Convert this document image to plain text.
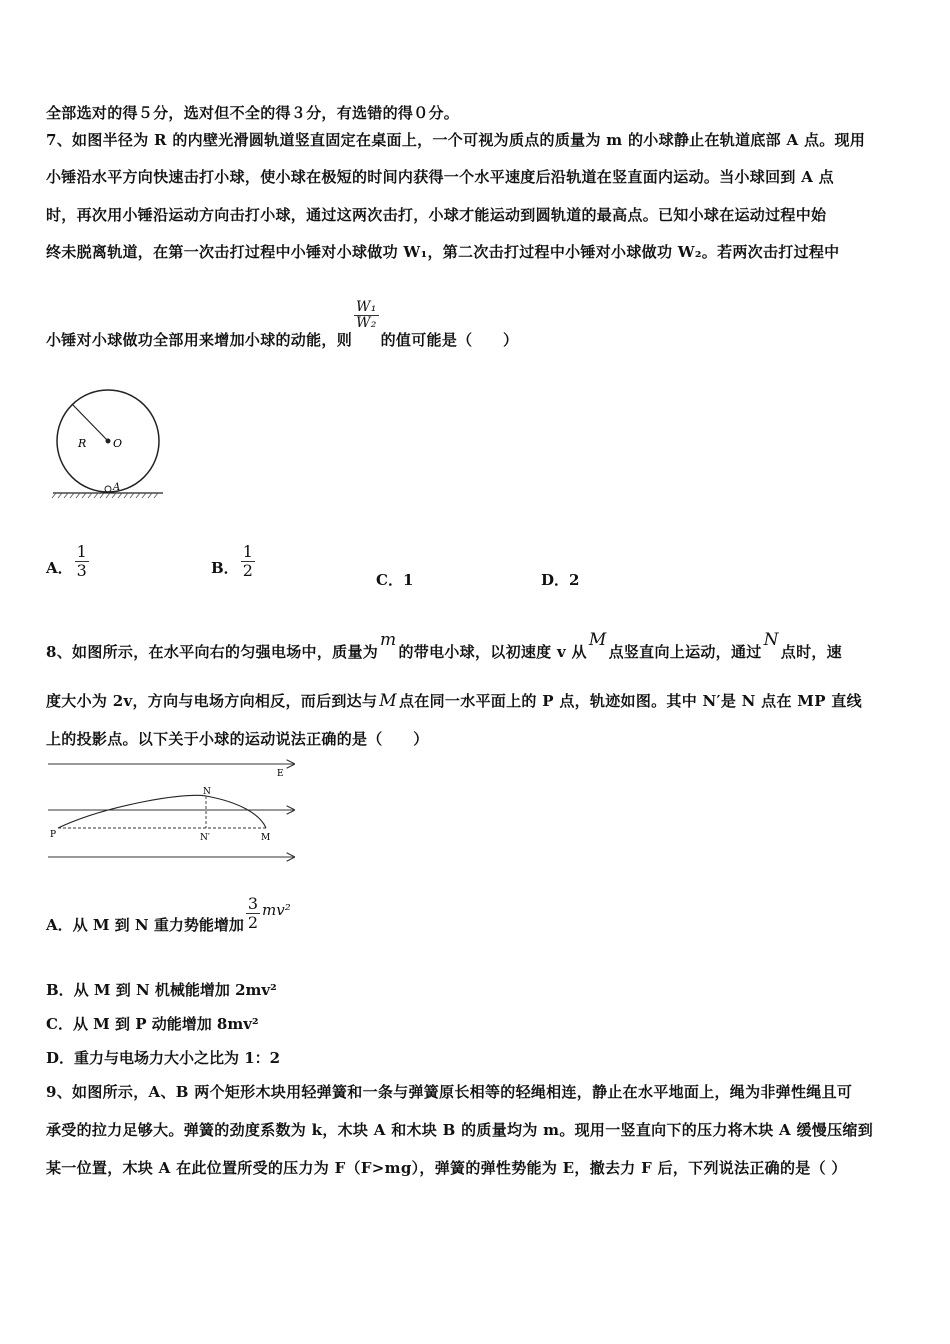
全部选对的得５分，选对但不全的得３分，有选错的得０分。
7、如图半径为 R 的内壁光滑圆轨道竖直固定在桌面上，一个可视为质点的质量为 m 的小球静止在轨道底部 A 点。现用
小锤沿水平方向快速击打小球，使小球在极短的时间内获得一个水平速度后沿轨道在竖直面内运动。当小球回到 A 点
时，再次用小锤沿运动方向击打小球，通过这两次击打，小球才能运动到圆轨道的最高点。已知小球在运动过程中始
终未脱离轨道，在第一次击打过程中小锤对小球做功 W₁，第二次击打过程中小锤对小球做功 W₂。若两次击打过程中
小锤对小球做功全部用来增加小球的动能，则
$\frac{\text{W₁}}{\text{W₂}}$
的值可能是（　　）
R O
A
A． $\frac{1}{3}$	B． $\frac{1}{2}$
C．1	D．2
8、如图所示，在水平向右的匀强电场中，质量为m的带电小球，以初速度 v 从M点竖直向上运动，通过N点时，速
度大小为 2v，方向与电场方向相反，而后到达与 M 点在同一水平面上的 P 点，轨迹如图。其中 N′是 N 点在 MP 直线
上的投影点。以下关于小球的运动说法正确的是（　　）
E
N
P	N′	M
A．从 M 到 N 重力势能增加 $\frac{3}{2} mv^2$
B．从 M 到 N 机械能增加 2mv²
C．从 M 到 P 动能增加 8mv²
D．重力与电场力大小之比为 1：2
9、如图所示，A、B 两个矩形木块用轻弹簧和一条与弹簧原长相等的轻绳相连，静止在水平地面上，绳为非弹性绳且可
承受的拉力足够大。弹簧的劲度系数为 k，木块 A 和木块 B 的质量均为 m。现用一竖直向下的压力将木块 A 缓慢压缩到
某一位置，木块 A 在此位置所受的压力为 F（F>mg），弹簧的弹性势能为 E，撤去力 F 后，下列说法正确的是（ ）
